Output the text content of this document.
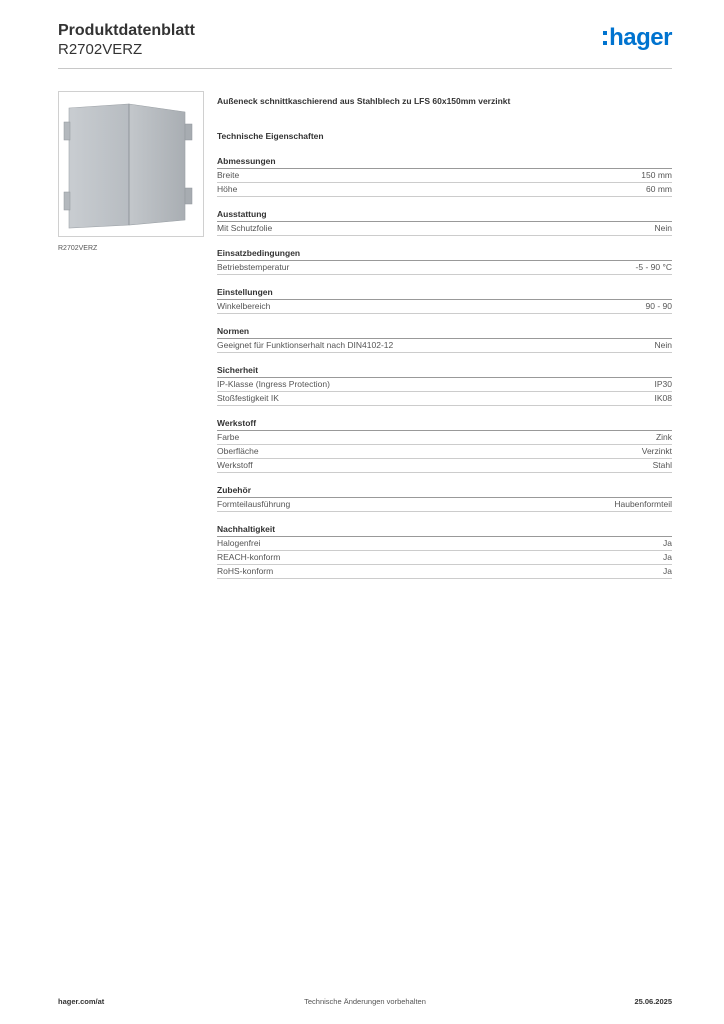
Produktdatenblatt
R2702VERZ	hager
R2702VERZ
Außeneck schnittkaschierend aus Stahlblech zu LFS 60x150mm verzinkt
Technische Eigenschaften
Abmessungen
Breite	150 mm
Höhe	60 mm
Ausstattung
Mit Schutzfolie	Nein
Einsatzbedingungen
Betriebstemperatur	-5 - 90 °C
Einstellungen
Winkelbereich	90 - 90
Normen
Geeignet für Funktionserhalt nach DIN4102-12	Nein
Sicherheit
IP-Klasse (Ingress Protection)	IP30
Stoßfestigkeit IK	IK08
Werkstoff
Farbe	Zink
Oberfläche	Verzinkt
Werkstoff	Stahl
Zubehör
Formteilausführung	Haubenformteil
Nachhaltigkeit
Halogenfrei	Ja
REACH-konform	Ja
RoHS-konform	Ja
hager.com/at	Technische Änderungen vorbehalten	25.06.2025
